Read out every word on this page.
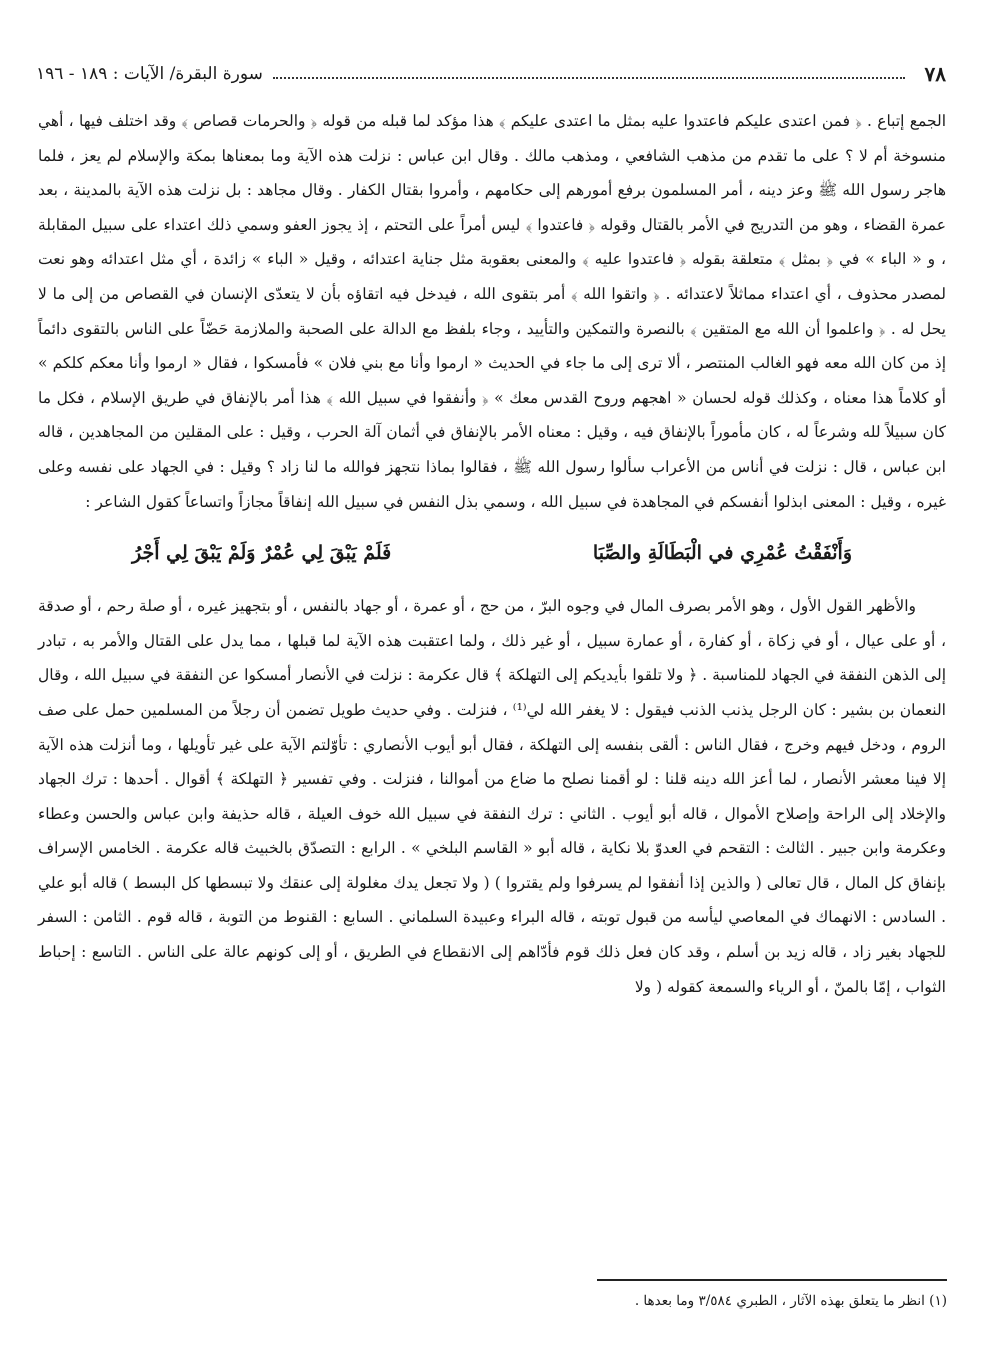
٧٨
سورة البقرة/ الآيات : ١٨٩ - ١٩٦

الجمع إتباع . ﴿ فمن اعتدى عليكم فاعتدوا عليه بمثل ما اعتدى عليكم ﴾ هذا مؤكد لما قبله من قوله ﴿ والحرمات قصاص ﴾ وقد اختلف فيها ، أهي منسوخة أم لا ؟ على ما تقدم من مذهب الشافعي ، ومذهب مالك . وقال ابن عباس : نزلت هذه الآية وما بمعناها بمكة والإسلام لم يعز ، فلما هاجر رسول الله ﷺ وعز دينه ، أمر المسلمون برفع أمورهم إلى حكامهم ، وأمروا بقتال الكفار . وقال مجاهد : بل نزلت هذه الآية بالمدينة ، بعد عمرة القضاء ، وهو من التدريج في الأمر بالقتال وقوله ﴿ فاعتدوا ﴾ ليس أمراً على التحتم ، إذ يجوز العفو وسمي ذلك اعتداء على سبيل المقابلة ، و « الباء » في ﴿ بمثل ﴾ متعلقة بقوله ﴿ فاعتدوا عليه ﴾ والمعنى بعقوبة مثل جناية اعتدائه ، وقيل « الباء » زائدة ، أي مثل اعتدائه وهو نعت لمصدر محذوف ، أي اعتداء مماثلاً لاعتدائه . ﴿ واتقوا الله ﴾ أمر بتقوى الله ، فيدخل فيه اتقاؤه بأن لا يتعدّى الإنسان في القصاص من إلى ما لا يحل له . ﴿ واعلموا أن الله مع المتقين ﴾ بالنصرة والتمكين والتأييد ، وجاء بلفظ مع الدالة على الصحبة والملازمة حَضّاً على الناس بالتقوى دائماً إذ من كان الله معه فهو الغالب المنتصر ، ألا ترى إلى ما جاء في الحديث « ارموا وأنا مع بني فلان » فأمسكوا ، فقال « ارموا وأنا معكم كلكم » أو كلاماً هذا معناه ، وكذلك قوله لحسان « اهجهم وروح القدس معك » ﴿ وأنفقوا في سبيل الله ﴾ هذا أمر بالإنفاق في طريق الإسلام ، فكل ما كان سبيلاً لله وشرعاً له ، كان مأموراً بالإنفاق فيه ، وقيل : معناه الأمر بالإنفاق في أثمان آلة الحرب ، وقيل : على المقلين من المجاهدين ، قاله ابن عباس ، قال : نزلت في أناس من الأعراب سألوا رسول الله ﷺ ، فقالوا بماذا نتجهز فوالله ما لنا زاد ؟ وقيل : في الجهاد على نفسه وعلى غيره ، وقيل : المعنى ابذلوا أنفسكم في المجاهدة في سبيل الله ، وسمي بذل النفس في سبيل الله إنفاقاً مجازاً واتساعاً كقول الشاعر :

وَأَنْفَقْتُ عُمْرِي في الْبَطَالَةِ والصِّبَا
فَلَمْ يَبْقَ لِي عُمْرٌ وَلَمْ يَبْقَ لِي أَجْرُ

والأظهر القول الأول ، وهو الأمر بصرف المال في وجوه البرّ ، من حج ، أو عمرة ، أو جهاد بالنفس ، أو بتجهيز غيره ، أو صلة رحم ، أو صدقة ، أو على عيال ، أو في زكاة ، أو كفارة ، أو عمارة سبيل ، أو غير ذلك ، ولما اعتقبت هذه الآية لما قبلها ، مما يدل على القتال والأمر به ، تبادر إلى الذهن النفقة في الجهاد للمناسبة . ﴿ ولا تلقوا بأيديكم إلى التهلكة ﴾ قال عكرمة : نزلت في الأنصار أمسكوا عن النفقة في سبيل الله ، وقال النعمان بن بشير : كان الرجل يذنب الذنب فيقول : لا يغفر الله لي⁽¹⁾ ، فنزلت . وفي حديث طويل تضمن أن رجلاً من المسلمين حمل على صف الروم ، ودخل فيهم وخرج ، فقال الناس : ألقى بنفسه إلى التهلكة ، فقال أبو أيوب الأنصاري : تأوّلتم الآية على غير تأويلها ، وما أنزلت هذه الآية إلا فينا معشر الأنصار ، لما أعز الله دينه قلنا : لو أقمنا نصلح ما ضاع من أموالنا ، فنزلت . وفي تفسير ﴿ التهلكة ﴾ أقوال . أحدها : ترك الجهاد والإخلاد إلى الراحة وإصلاح الأموال ، قاله أبو أيوب . الثاني : ترك النفقة في سبيل الله خوف العيلة ، قاله حذيفة وابن عباس والحسن وعطاء وعكرمة وابن جبير . الثالث : التقحم في العدوّ بلا نكاية ، قاله أبو « القاسم البلخي » . الرابع : التصدّق بالخبيث قاله عكرمة . الخامس الإسراف بإنفاق كل المال ، قال تعالى ( والذين إذا أنفقوا لم يسرفوا ولم يقتروا ) ( ولا تجعل يدك مغلولة إلى عنقك ولا تبسطها كل البسط ) قاله أبو علي . السادس : الانهماك في المعاصي ليأسه من قبول توبته ، قاله البراء وعبيدة السلماني . السابع : القنوط من التوبة ، قاله قوم . الثامن : السفر للجهاد بغير زاد ، قاله زيد بن أسلم ، وقد كان فعل ذلك قوم فأدّاهم إلى الانقطاع في الطريق ، أو إلى كونهم عالة على الناس . التاسع : إحباط الثواب ، إمّا بالمنّ ، أو الرياء والسمعة كقوله ( ولا

(١) انظر ما يتعلق بهذه الآثار ، الطبري ٣/٥٨٤ وما بعدها .
